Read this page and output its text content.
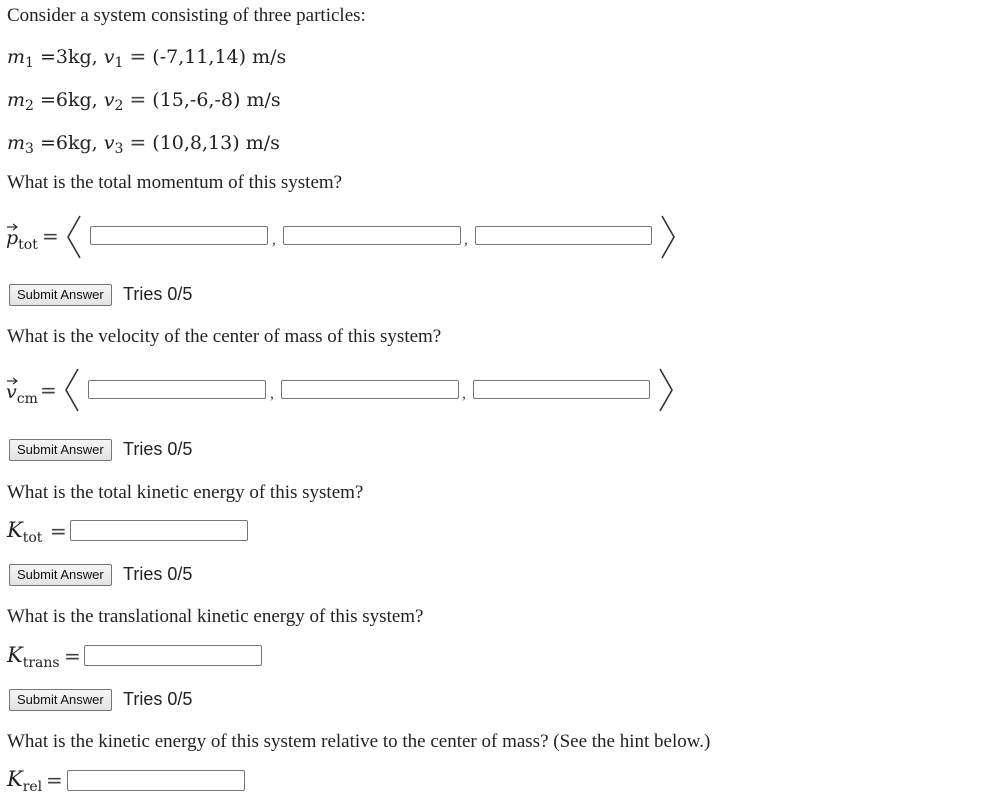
Consider a system consisting of three particles:
$m_1 =3kg$, $v_1 = (-7,11,14)$ m/s
$m_2 =6kg$, $v_2 = (15,-6,-8)$ m/s
$m_3 =6kg$, $v_3 = (10,8,13)$ m/s
What is the total momentum of this system?
$p_{tot}$ =	,	,
Submit Answer	Tries 0/5
What is the velocity of the center of mass of this system?
$v_{cm}$ =	,	,
Submit Answer	Tries 0/5
What is the total kinetic energy of this system?
$K_{tot}$ =
Submit Answer	Tries 0/5
What is the translational kinetic energy of this system?
$K_{trans}$ =
Submit Answer	Tries 0/5
What is the kinetic energy of this system relative to the center of mass? (See the hint below.)
$K_{rel}$ =
